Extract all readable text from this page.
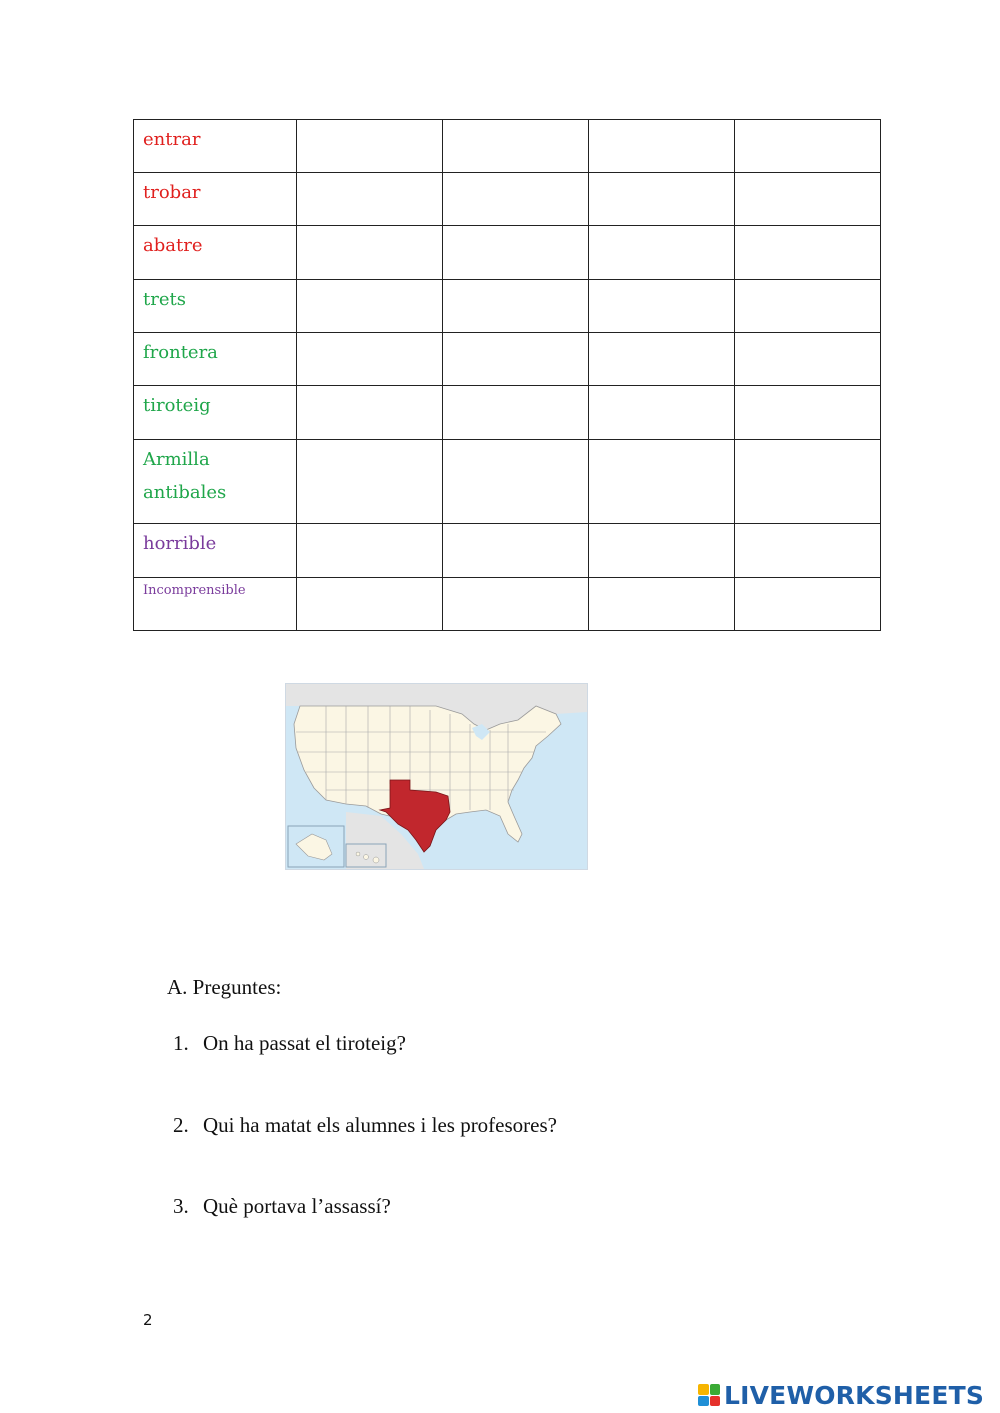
entrar				
trobar				
abatre				
trets				
frontera				
tiroteig				
Armilla antibales				
horrible				
Incomprensible				
A. Preguntes:
1. On ha passat el tiroteig?
2. Qui ha matat els alumnes i les profesores?
3. Què portava l’assassí?
2
LIVEWORKSHEETS
